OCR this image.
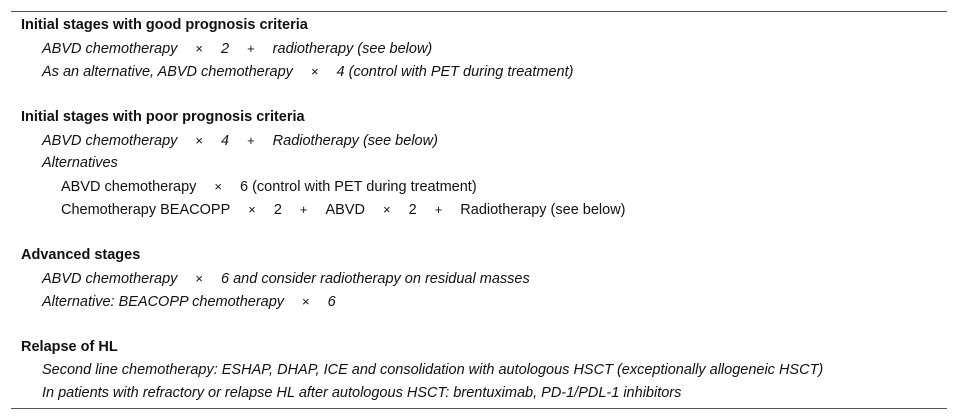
Initial stages with good prognosis criteria
ABVD chemotherapy × 2 + radiotherapy (see below)
As an alternative, ABVD chemotherapy × 4 (control with PET during treatment)
Initial stages with poor prognosis criteria
ABVD chemotherapy × 4 + Radiotherapy (see below)
Alternatives
ABVD chemotherapy × 6 (control with PET during treatment)
Chemotherapy BEACOPP × 2 + ABVD × 2 + Radiotherapy (see below)
Advanced stages
ABVD chemotherapy × 6 and consider radiotherapy on residual masses
Alternative: BEACOPP chemotherapy × 6
Relapse of HL
Second line chemotherapy: ESHAP, DHAP, ICE and consolidation with autologous HSCT (exceptionally allogeneic HSCT)
In patients with refractory or relapse HL after autologous HSCT: brentuximab, PD-1/PDL-1 inhibitors
